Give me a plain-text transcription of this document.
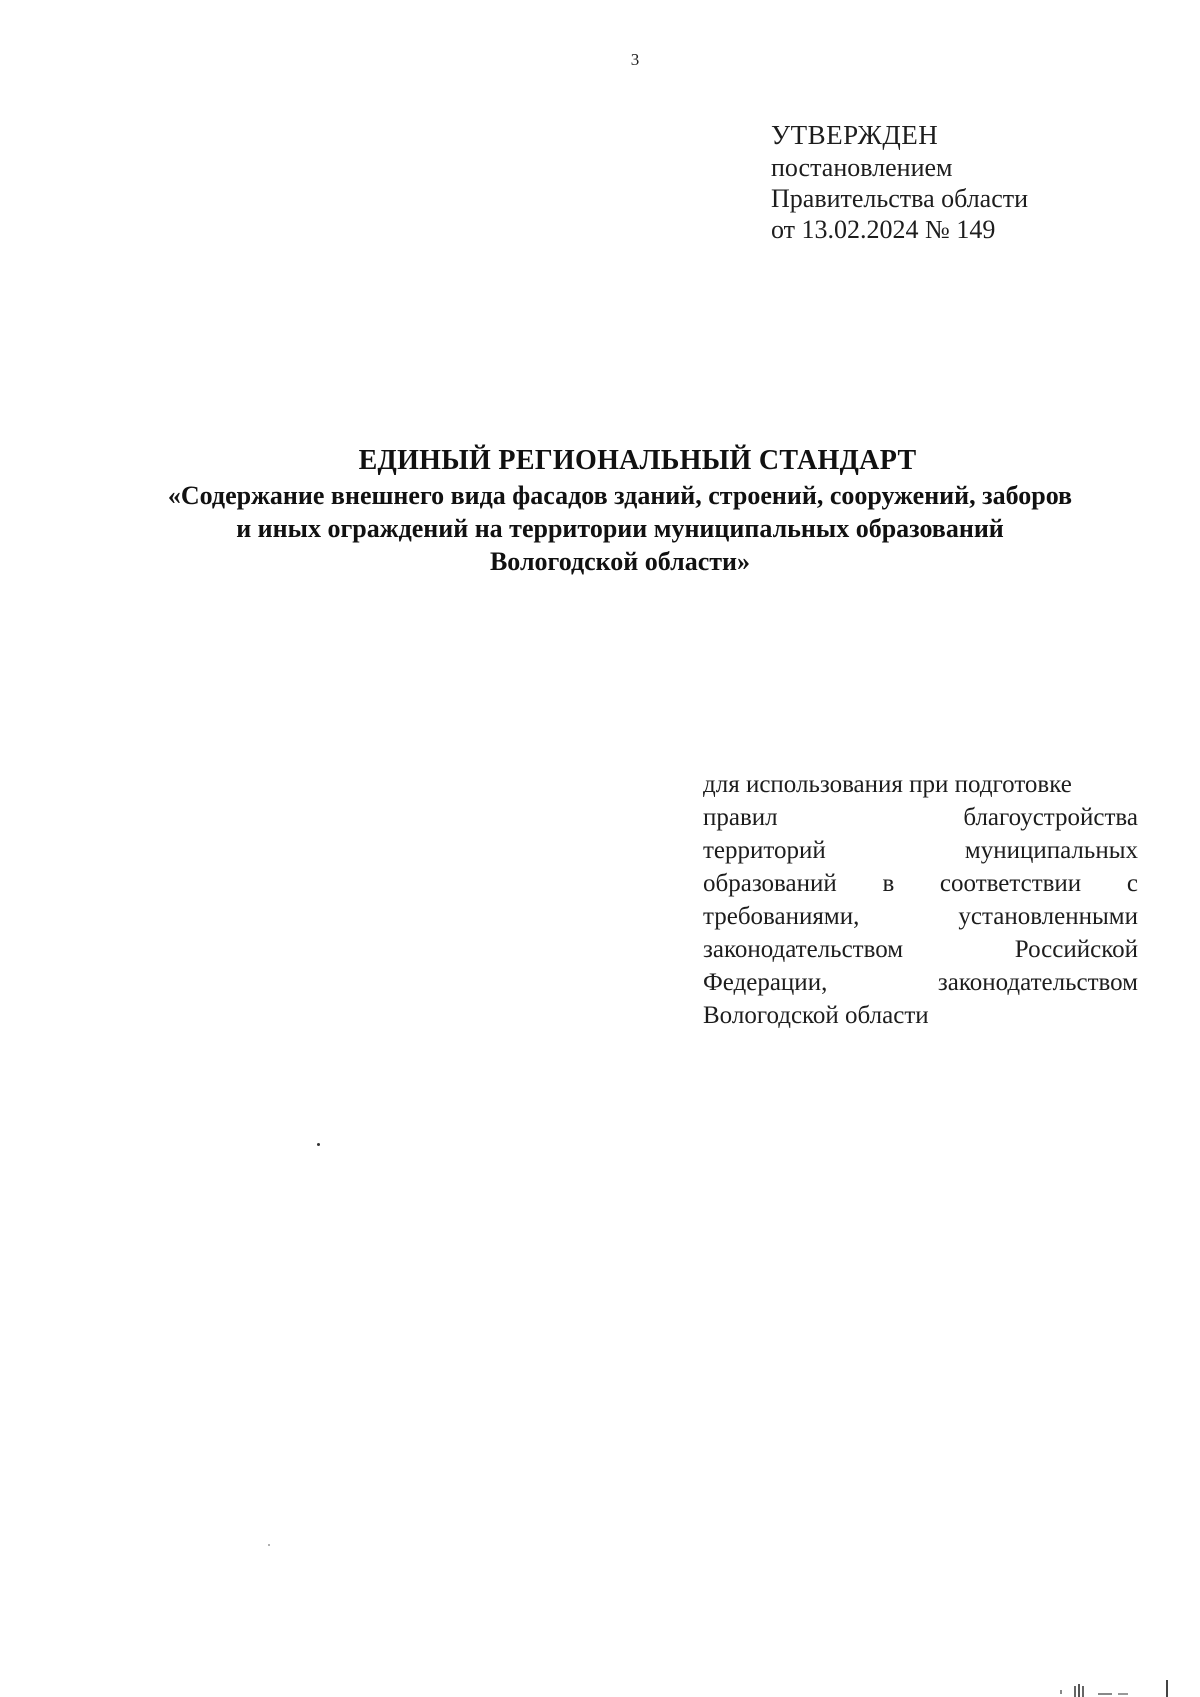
3
УТВЕРЖДЕН
постановлением
Правительства области
от 13.02.2024 № 149
ЕДИНЫЙ РЕГИОНАЛЬНЫЙ СТАНДАРТ
«Содержание внешнего вида фасадов зданий, строений, сооружений, заборов
и иных ограждений на территории муниципальных образований
Вологодской области»
для использования при подготовке
правил	благоустройства
территорий	муниципальных
образований в соответствии с
требованиями,	установленными
законодательством	Российской
Федерации,	законодательством
Вологодской области
